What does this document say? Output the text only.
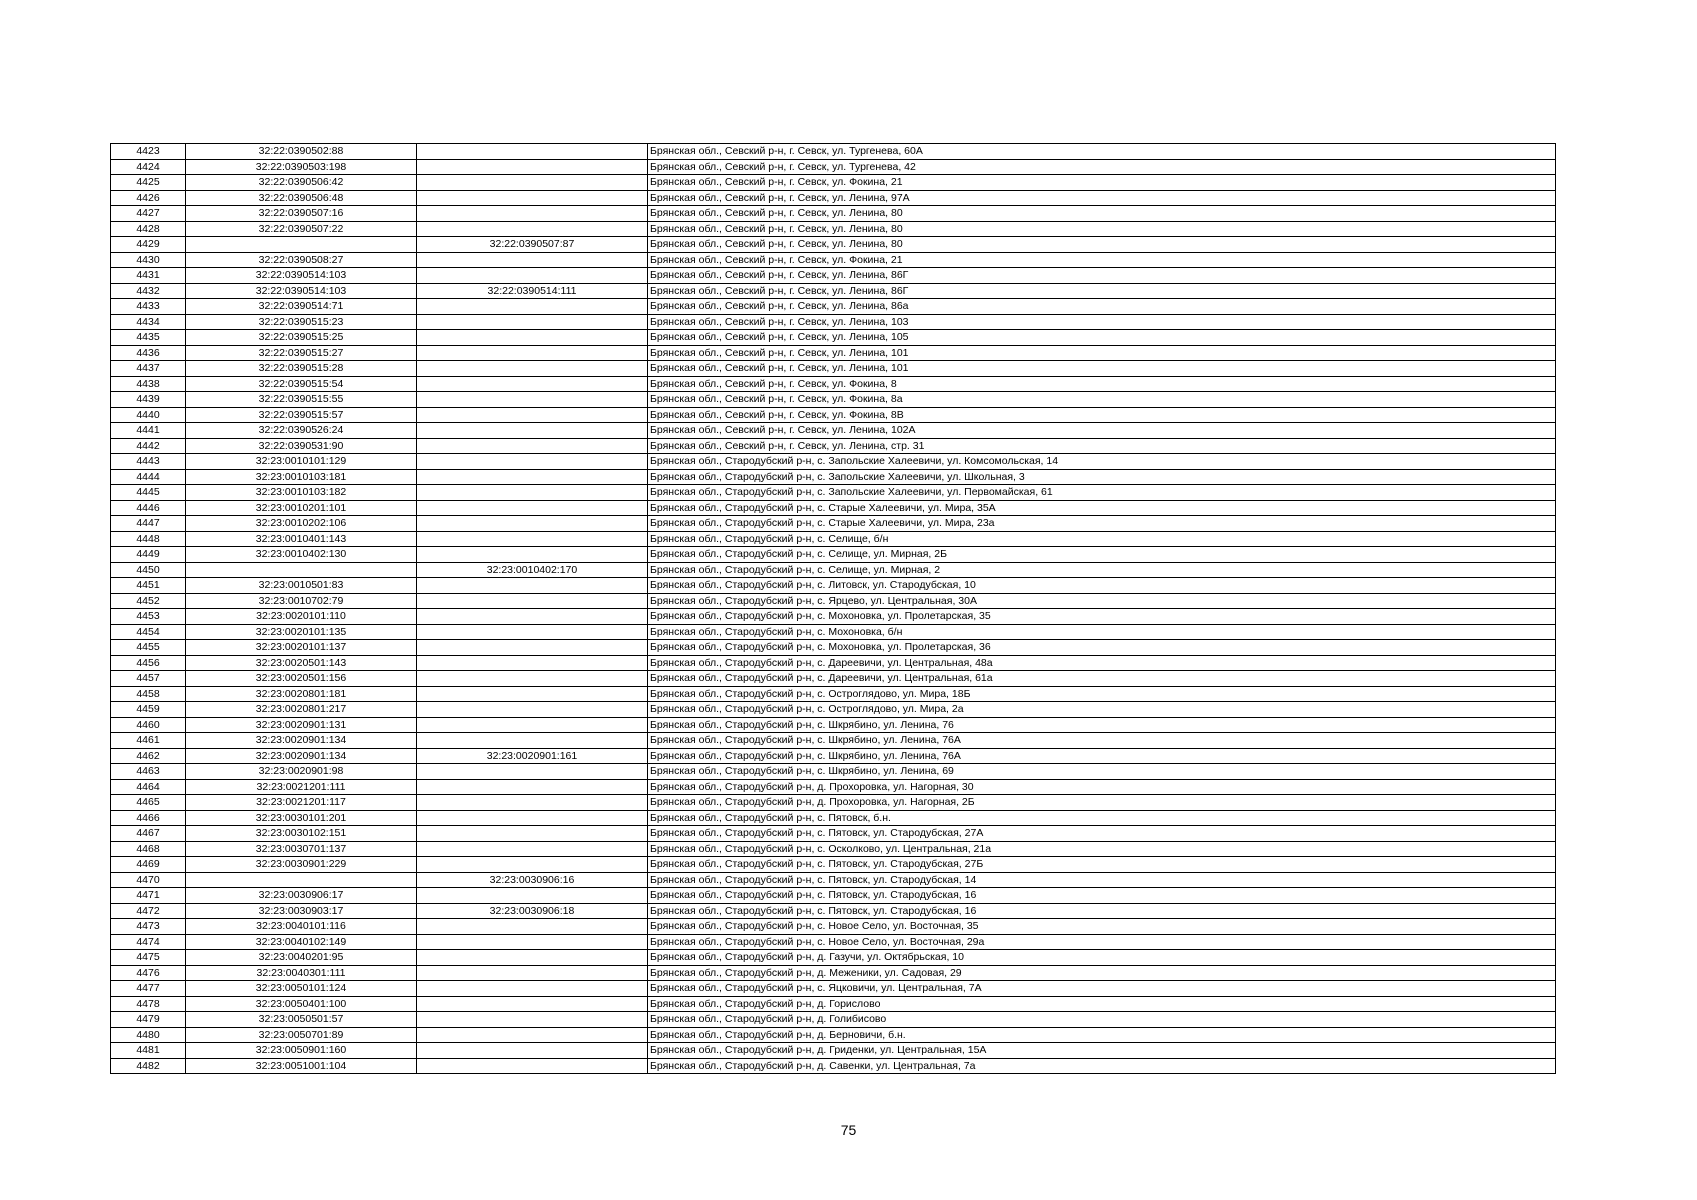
4423	32:22:0390502:88		Брянская обл., Севский р-н, г. Севск, ул. Тургенева, 60А
4424	32:22:0390503:198		Брянская обл., Севский р-н, г. Севск, ул. Тургенева, 42
4425	32:22:0390506:42		Брянская обл., Севский р-н, г. Севск, ул. Фокина, 21
4426	32:22:0390506:48		Брянская обл., Севский р-н, г. Севск, ул. Ленина, 97А
4427	32:22:0390507:16		Брянская обл., Севский р-н, г. Севск, ул. Ленина, 80
4428	32:22:0390507:22		Брянская обл., Севский р-н, г. Севск, ул. Ленина, 80
4429		32:22:0390507:87	Брянская обл., Севский р-н, г. Севск, ул. Ленина, 80
4430	32:22:0390508:27		Брянская обл., Севский р-н, г. Севск, ул. Фокина, 21
4431	32:22:0390514:103		Брянская обл., Севский р-н, г. Севск, ул. Ленина, 86Г
4432	32:22:0390514:103	32:22:0390514:111	Брянская обл., Севский р-н, г. Севск, ул. Ленина, 86Г
4433	32:22:0390514:71		Брянская обл., Севский р-н, г. Севск, ул. Ленина, 86а
4434	32:22:0390515:23		Брянская обл., Севский р-н, г. Севск, ул. Ленина, 103
4435	32:22:0390515:25		Брянская обл., Севский р-н, г. Севск, ул. Ленина, 105
4436	32:22:0390515:27		Брянская обл., Севский р-н, г. Севск, ул. Ленина, 101
4437	32:22:0390515:28		Брянская обл., Севский р-н, г. Севск, ул. Ленина, 101
4438	32:22:0390515:54		Брянская обл., Севский р-н, г. Севск, ул. Фокина, 8
4439	32:22:0390515:55		Брянская обл., Севский р-н, г. Севск, ул. Фокина, 8а
4440	32:22:0390515:57		Брянская обл., Севский р-н, г. Севск, ул. Фокина, 8В
4441	32:22:0390526:24		Брянская обл., Севский р-н, г. Севск, ул. Ленина, 102А
4442	32:22:0390531:90		Брянская обл., Севский р-н, г. Севск, ул. Ленина, стр. 31
4443	32:23:0010101:129		Брянская обл., Стародубский р-н, с. Запольские Халеевичи, ул. Комсомольская, 14
4444	32:23:0010103:181		Брянская обл., Стародубский р-н, с. Запольские Халеевичи, ул. Школьная, 3
4445	32:23:0010103:182		Брянская обл., Стародубский р-н, с. Запольские Халеевичи, ул. Первомайская, 61
4446	32:23:0010201:101		Брянская обл., Стародубский р-н, с. Старые Халеевичи, ул. Мира, 35А
4447	32:23:0010202:106		Брянская обл., Стародубский р-н, с. Старые Халеевичи, ул. Мира, 23а
4448	32:23:0010401:143		Брянская обл., Стародубский р-н, с. Селище, б/н
4449	32:23:0010402:130		Брянская обл., Стародубский р-н, с. Селище, ул. Мирная, 2Б
4450		32:23:0010402:170	Брянская обл., Стародубский р-н, с. Селище, ул. Мирная, 2
4451	32:23:0010501:83		Брянская обл., Стародубский р-н, с. Литовск, ул. Стародубская, 10
4452	32:23:0010702:79		Брянская обл., Стародубский р-н, с. Ярцево, ул. Центральная, 30А
4453	32:23:0020101:110		Брянская обл., Стародубский р-н, с. Мохоновка, ул. Пролетарская, 35
4454	32:23:0020101:135		Брянская обл., Стародубский р-н, с. Мохоновка, б/н
4455	32:23:0020101:137		Брянская обл., Стародубский р-н, с. Мохоновка, ул. Пролетарская, 36
4456	32:23:0020501:143		Брянская обл., Стародубский р-н, с. Дареевичи, ул. Центральная, 48а
4457	32:23:0020501:156		Брянская обл., Стародубский р-н, с. Дареевичи, ул. Центральная, 61а
4458	32:23:0020801:181		Брянская обл., Стародубский р-н, с. Остроглядово, ул. Мира, 18Б
4459	32:23:0020801:217		Брянская обл., Стародубский р-н, с. Остроглядово, ул. Мира, 2а
4460	32:23:0020901:131		Брянская обл., Стародубский р-н, с. Шкрябино, ул. Ленина, 76
4461	32:23:0020901:134		Брянская обл., Стародубский р-н, с. Шкрябино, ул. Ленина, 76А
4462	32:23:0020901:134	32:23:0020901:161	Брянская обл., Стародубский р-н, с. Шкрябино, ул. Ленина, 76А
4463	32:23:0020901:98		Брянская обл., Стародубский р-н, с. Шкрябино, ул. Ленина, 69
4464	32:23:0021201:111		Брянская обл., Стародубский р-н, д. Прохоровка, ул. Нагорная, 30
4465	32:23:0021201:117		Брянская обл., Стародубский р-н, д. Прохоровка, ул. Нагорная, 2Б
4466	32:23:0030101:201		Брянская обл., Стародубский р-н, с. Пятовск, б.н.
4467	32:23:0030102:151		Брянская обл., Стародубский р-н, с. Пятовск, ул. Стародубская, 27А
4468	32:23:0030701:137		Брянская обл., Стародубский р-н, с. Осколково, ул. Центральная, 21а
4469	32:23:0030901:229		Брянская обл., Стародубский р-н, с. Пятовск, ул. Стародубская, 27Б
4470		32:23:0030906:16	Брянская обл., Стародубский р-н, с. Пятовск, ул. Стародубская, 14
4471	32:23:0030906:17		Брянская обл., Стародубский р-н, с. Пятовск, ул. Стародубская, 16
4472	32:23:0030903:17	32:23:0030906:18	Брянская обл., Стародубский р-н, с. Пятовск, ул. Стародубская, 16
4473	32:23:0040101:116		Брянская обл., Стародубский р-н, с. Новое Село, ул. Восточная, 35
4474	32:23:0040102:149		Брянская обл., Стародубский р-н, с. Новое Село, ул. Восточная, 29а
4475	32:23:0040201:95		Брянская обл., Стародубский р-н, д. Газучи, ул. Октябрьская, 10
4476	32:23:0040301:111		Брянская обл., Стародубский р-н, д. Меженики, ул. Садовая, 29
4477	32:23:0050101:124		Брянская обл., Стародубский р-н, с. Яцковичи, ул. Центральная, 7А
4478	32:23:0050401:100		Брянская обл., Стародубский р-н, д. Горислово
4479	32:23:0050501:57		Брянская обл., Стародубский р-н, д. Голибисово
4480	32:23:0050701:89		Брянская обл., Стародубский р-н, д. Берновичи, б.н.
4481	32:23:0050901:160		Брянская обл., Стародубский р-н, д. Гриденки, ул. Центральная, 15А
4482	32:23:0051001:104		Брянская обл., Стародубский р-н, д. Савенки, ул. Центральная, 7а
75
